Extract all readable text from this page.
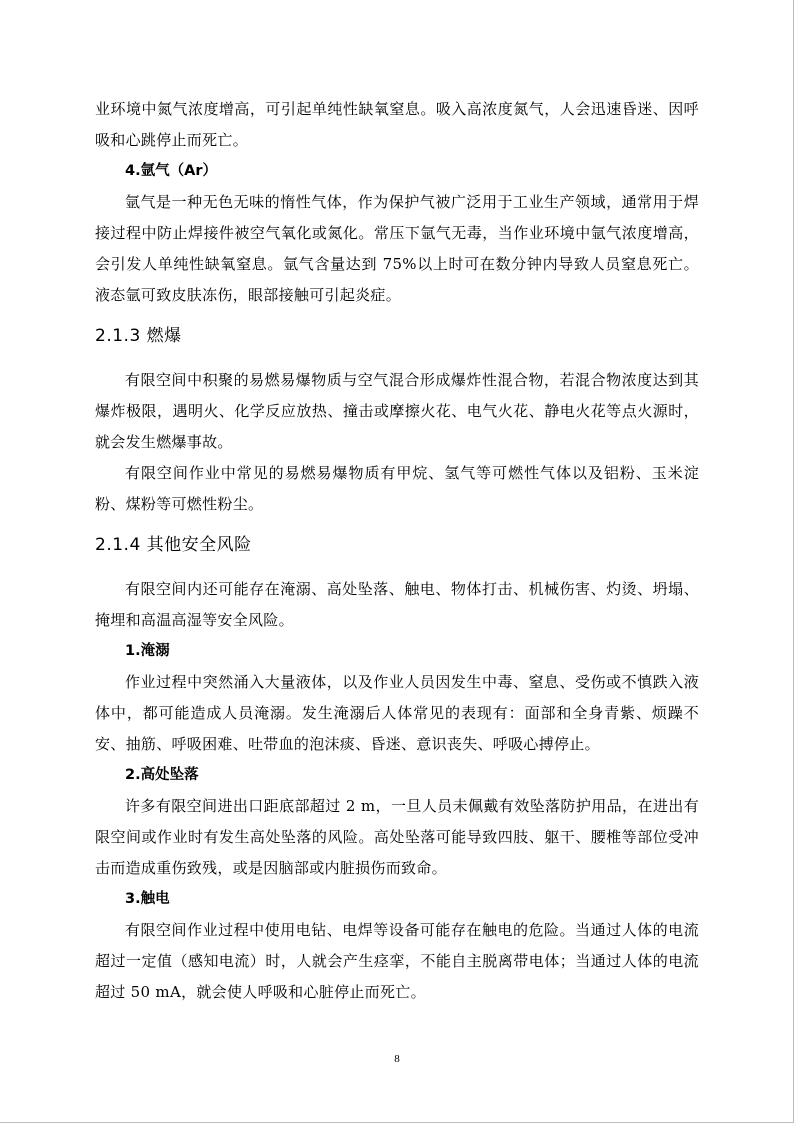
业环境中氮气浓度增高，可引起单纯性缺氧窒息。吸入高浓度氮气，人会迅速昏迷、因呼吸和心跳停止而死亡。

4.氩气（Ar）

氩气是一种无色无味的惰性气体，作为保护气被广泛用于工业生产领域，通常用于焊接过程中防止焊接件被空气氧化或氮化。常压下氩气无毒，当作业环境中氩气浓度增高，会引发人单纯性缺氧窒息。氩气含量达到 75%以上时可在数分钟内导致人员窒息死亡。液态氩可致皮肤冻伤，眼部接触可引起炎症。

2.1.3 燃爆

有限空间中积聚的易燃易爆物质与空气混合形成爆炸性混合物，若混合物浓度达到其爆炸极限，遇明火、化学反应放热、撞击或摩擦火花、电气火花、静电火花等点火源时，就会发生燃爆事故。

有限空间作业中常见的易燃易爆物质有甲烷、氢气等可燃性气体以及铝粉、玉米淀粉、煤粉等可燃性粉尘。

2.1.4 其他安全风险

有限空间内还可能存在淹溺、高处坠落、触电、物体打击、机械伤害、灼烫、坍塌、掩埋和高温高湿等安全风险。

1.淹溺

作业过程中突然涌入大量液体，以及作业人员因发生中毒、窒息、受伤或不慎跌入液体中，都可能造成人员淹溺。发生淹溺后人体常见的表现有：面部和全身青紫、烦躁不安、抽筋、呼吸困难、吐带血的泡沫痰、昏迷、意识丧失、呼吸心搏停止。

2.高处坠落

许多有限空间进出口距底部超过 2 m，一旦人员未佩戴有效坠落防护用品，在进出有限空间或作业时有发生高处坠落的风险。高处坠落可能导致四肢、躯干、腰椎等部位受冲击而造成重伤致残，或是因脑部或内脏损伤而致命。

3.触电

有限空间作业过程中使用电钻、电焊等设备可能存在触电的危险。当通过人体的电流超过一定值（感知电流）时，人就会产生痉挛，不能自主脱离带电体；当通过人体的电流超过 50 mA，就会使人呼吸和心脏停止而死亡。

8
